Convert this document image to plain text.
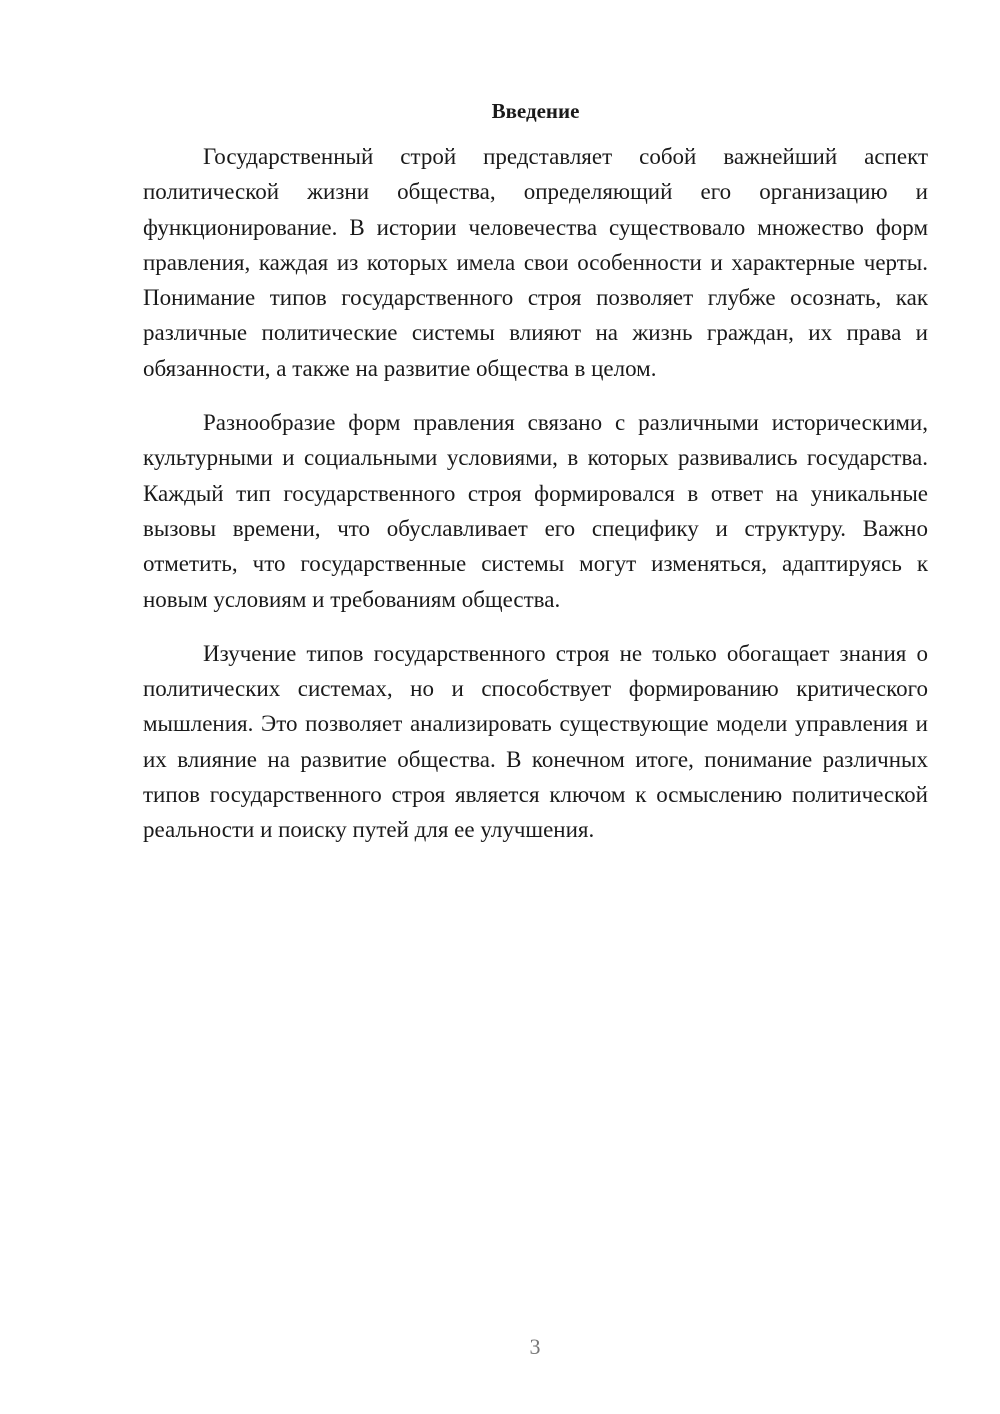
Введение

Государственный строй представляет собой важнейший аспект политической жизни общества, определяющий его организацию и функционирование. В истории человечества существовало множество форм правления, каждая из которых имела свои особенности и характерные черты. Понимание типов государственного строя позволяет глубже осознать, как различные политические системы влияют на жизнь граждан, их права и обязанности, а также на развитие общества в целом.

Разнообразие форм правления связано с различными историческими, культурными и социальными условиями, в которых развивались государства. Каждый тип государственного строя формировался в ответ на уникальные вызовы времени, что обуславливает его специфику и структуру. Важно отметить, что государственные системы могут изменяться, адаптируясь к новым условиям и требованиям общества.

Изучение типов государственного строя не только обогащает знания о политических системах, но и способствует формированию критического мышления. Это позволяет анализировать существующие модели управления и их влияние на развитие общества. В конечном итоге, понимание различных типов государственного строя является ключом к осмыслению политической реальности и поиску путей для ее улучшения.

3
